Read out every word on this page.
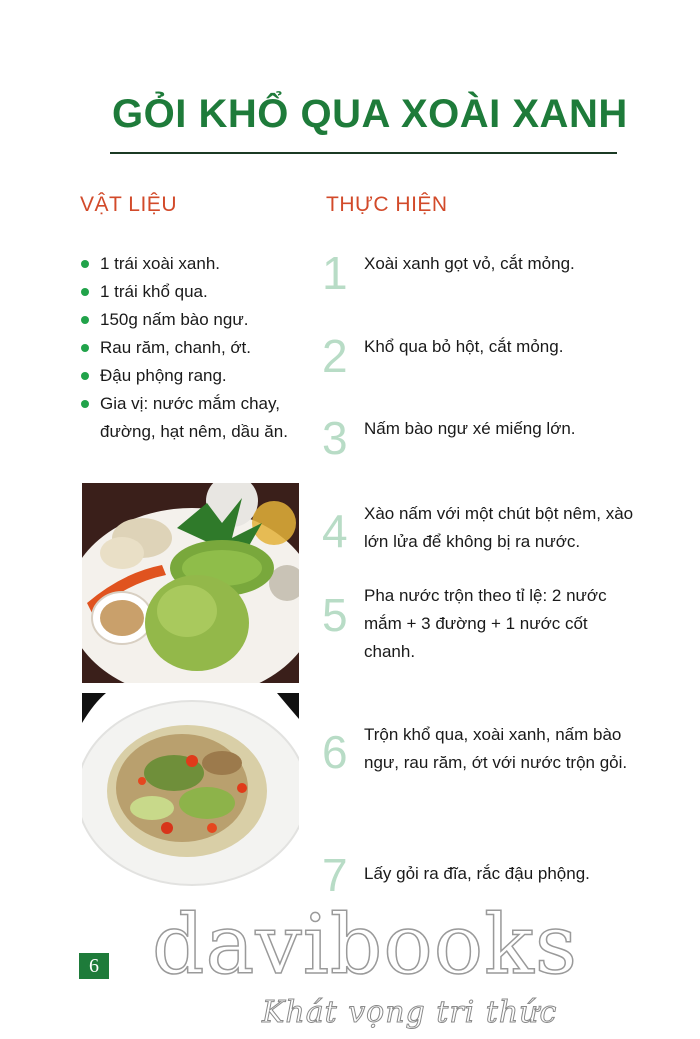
GỎI KHỔ QUA XOÀI XANH
VẬT LIỆU	THỰC HIỆN
1 trái xoài xanh.
1 trái khổ qua.
150g nấm bào ngư.
Rau răm, chanh, ớt.
Đậu phộng rang.
Gia vị: nước mắm chay, đường, hạt nêm, dầu ăn.
1 Xoài xanh gọt vỏ, cắt mỏng.
2 Khổ qua bỏ hột, cắt mỏng.
3 Nấm bào ngư xé miếng lớn.
4 Xào nấm với một chút bột nêm, xào lớn lửa để không bị ra nước.
5 Pha nước trộn theo tỉ lệ: 2 nước mắm + 3 đường + 1 nước cốt chanh.
6 Trộn khổ qua, xoài xanh, nấm bào ngư, rau răm, ớt với nước trộn gỏi.
7 Lấy gỏi ra đĩa, rắc đậu phộng.
6 davibooks
Khát vọng tri thức
